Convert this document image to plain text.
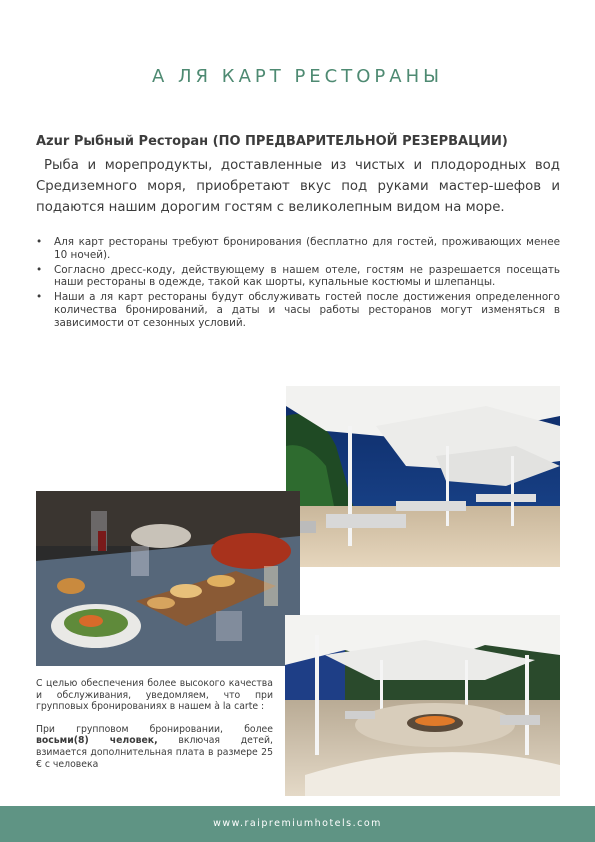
А ЛЯ КАРТ РЕСТОРАНЫ
Azur Рыбный Ресторан (ПО ПРЕДВАРИТЕЛЬНОЙ РЕЗЕРВАЦИИ)
Рыба и морепродукты, доставленные из чистых и плодородных вод Средиземного моря, приобретают вкус под руками мастер-шефов и подаются нашим дорогим гостям с великолепным видом на море.
• Аля карт рестораны требуют бронирования (бесплатно для гостей, проживающих менее 10 ночей).
• Согласно дресс-коду, действующему в нашем отеле, гостям не разрешается посещать наши рестораны в одежде, такой как шорты, купальные костюмы и шлепанцы.
• Наши а ля карт рестораны будут обслуживать гостей после достижения определенного количества бронирований, а даты и часы работы ресторанов могут изменяться в зависимости от сезонных условий.

С целью обеспечения более высокого качества и обслуживания, уведомляем, что при групповых бронированиях в нашем à la carte :

При групповом бронировании, более восьми(8) человек, включая детей, взимается дополнительная плата в размере 25 € с человека

www.raipremiumhotels.com
